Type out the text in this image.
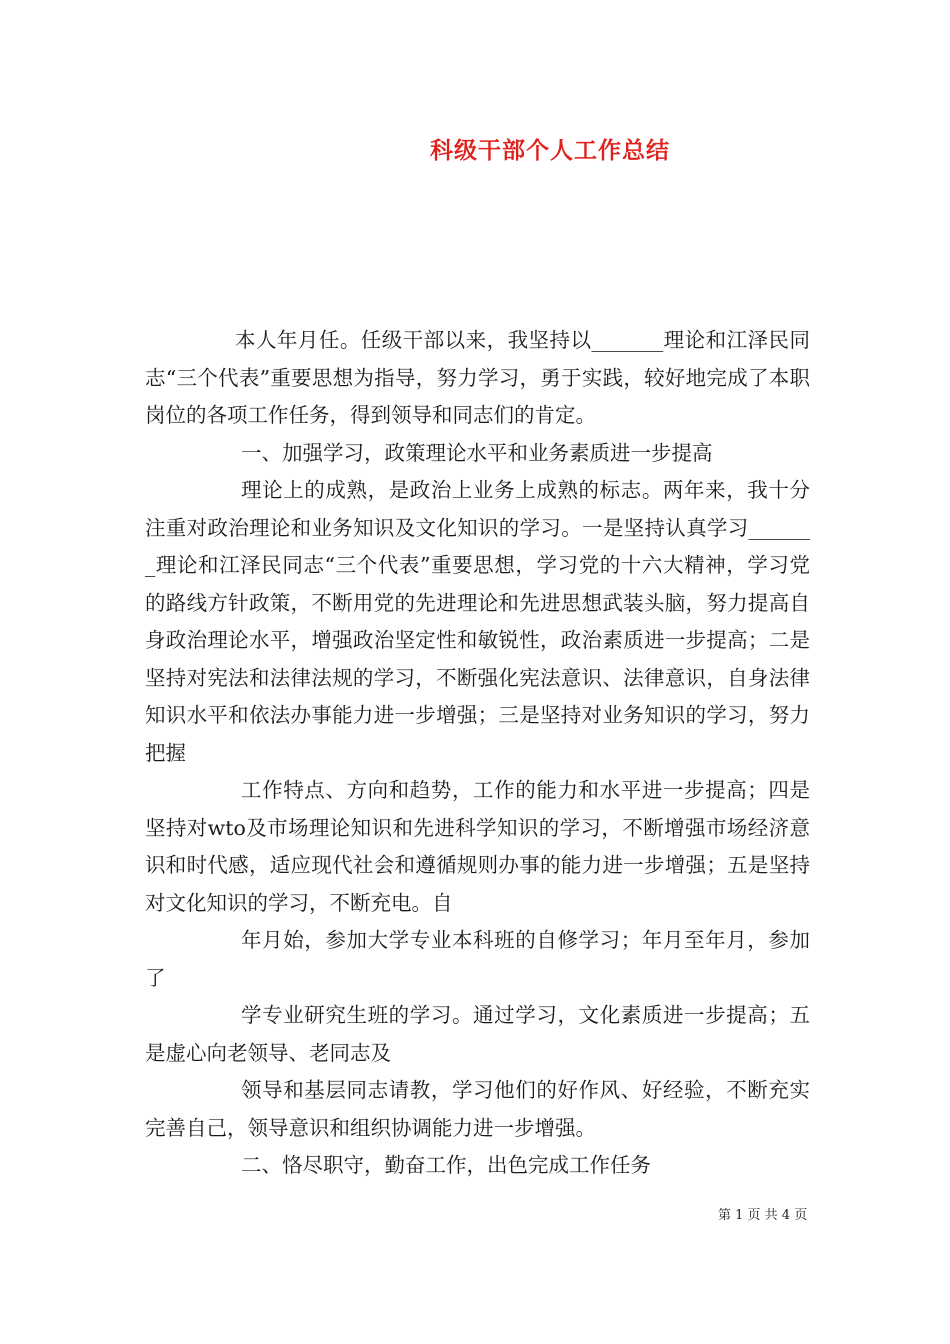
科级干部个人工作总结

本人年月任。任级干部以来，我坚持以_______理论和江泽民同志“三个代表”重要思想为指导，努力学习，勇于实践，较好地完成了本职岗位的各项工作任务，得到领导和同志们的肯定。

一、加强学习，政策理论水平和业务素质进一步提高

理论上的成熟，是政治上业务上成熟的标志。两年来，我十分注重对政治理论和业务知识及文化知识的学习。一是坚持认真学习_______理论和江泽民同志“三个代表”重要思想，学习党的十六大精神，学习党的路线方针政策，不断用党的先进理论和先进思想武装头脑，努力提高自身政治理论水平，增强政治坚定性和敏锐性，政治素质进一步提高；二是坚持对宪法和法律法规的学习，不断强化宪法意识、法律意识，自身法律知识水平和依法办事能力进一步增强；三是坚持对业务知识的学习，努力把握

工作特点、方向和趋势，工作的能力和水平进一步提高；四是坚持对wto及市场理论知识和先进科学知识的学习，不断增强市场经济意识和时代感，适应现代社会和遵循规则办事的能力进一步增强；五是坚持对文化知识的学习，不断充电。自

年月始，参加大学专业本科班的自修学习；年月至年月，参加了

学专业研究生班的学习。通过学习，文化素质进一步提高；五是虚心向老领导、老同志及

领导和基层同志请教，学习他们的好作风、好经验，不断充实完善自己，领导意识和组织协调能力进一步增强。

二、恪尽职守，勤奋工作，出色完成工作任务

第 1 页 共 4 页
